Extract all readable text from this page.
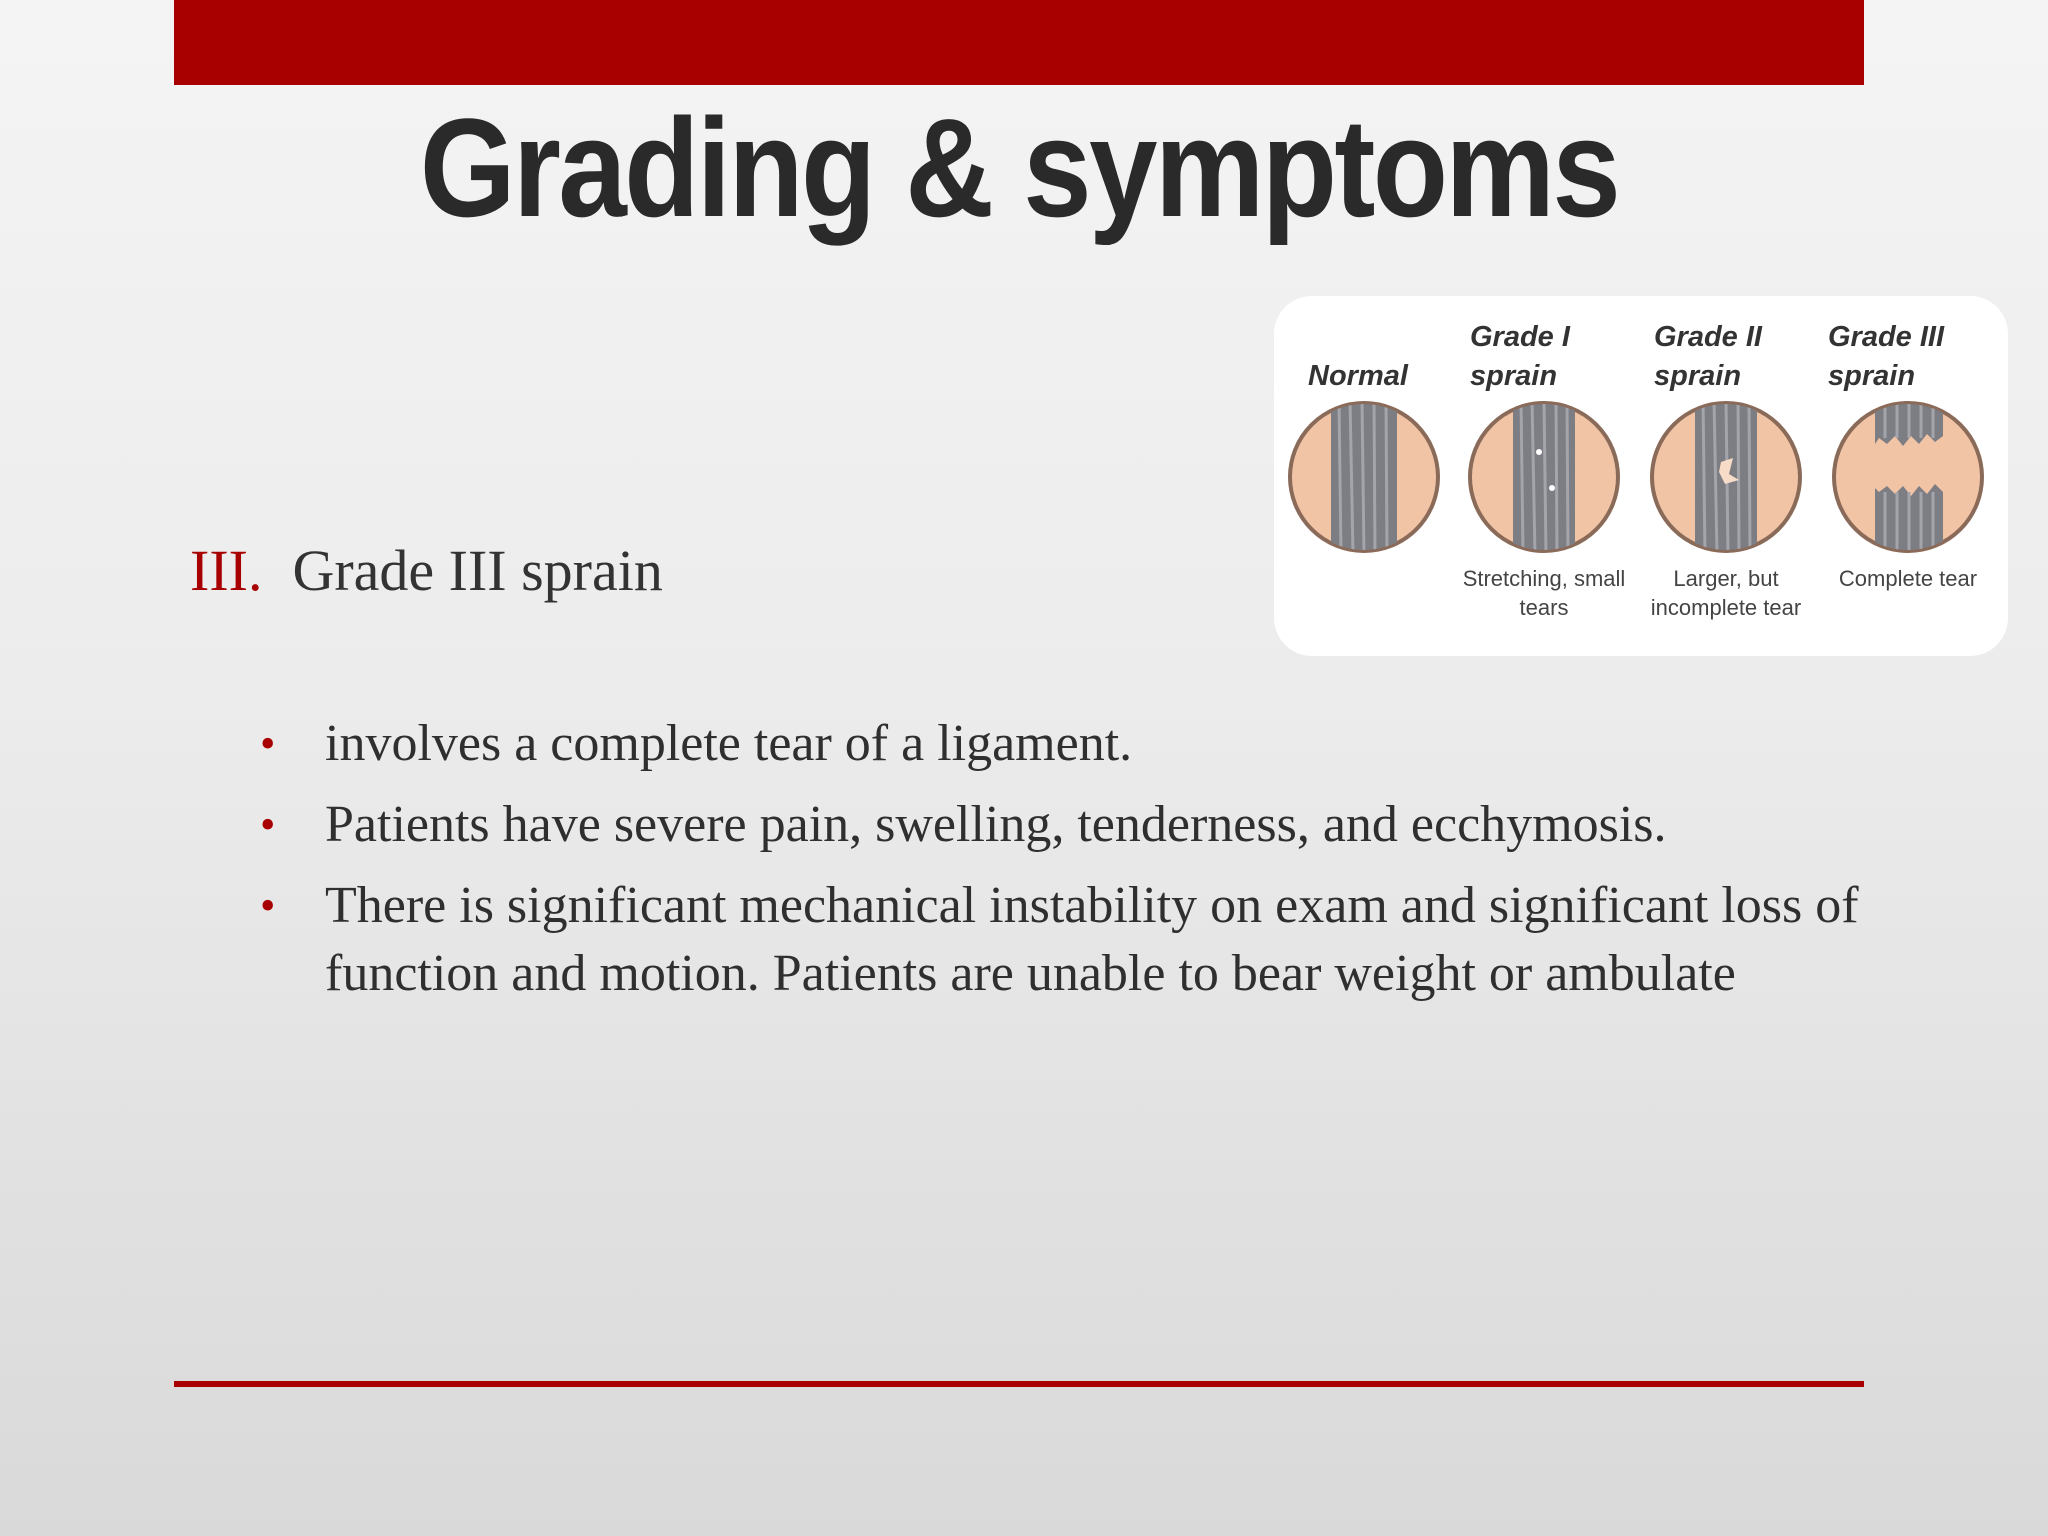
Grading & symptoms
III. Grade III sprain
• involves a complete tear of a ligament.
• Patients have severe pain, swelling, tenderness, and ecchymosis.
• There is significant mechanical instability on exam and significant loss of function and motion. Patients are unable to bear weight or ambulate
Normal
Grade I sprain
Stretching, small tears
Grade II sprain
Larger, but incomplete tear
Grade III sprain
Complete tear
